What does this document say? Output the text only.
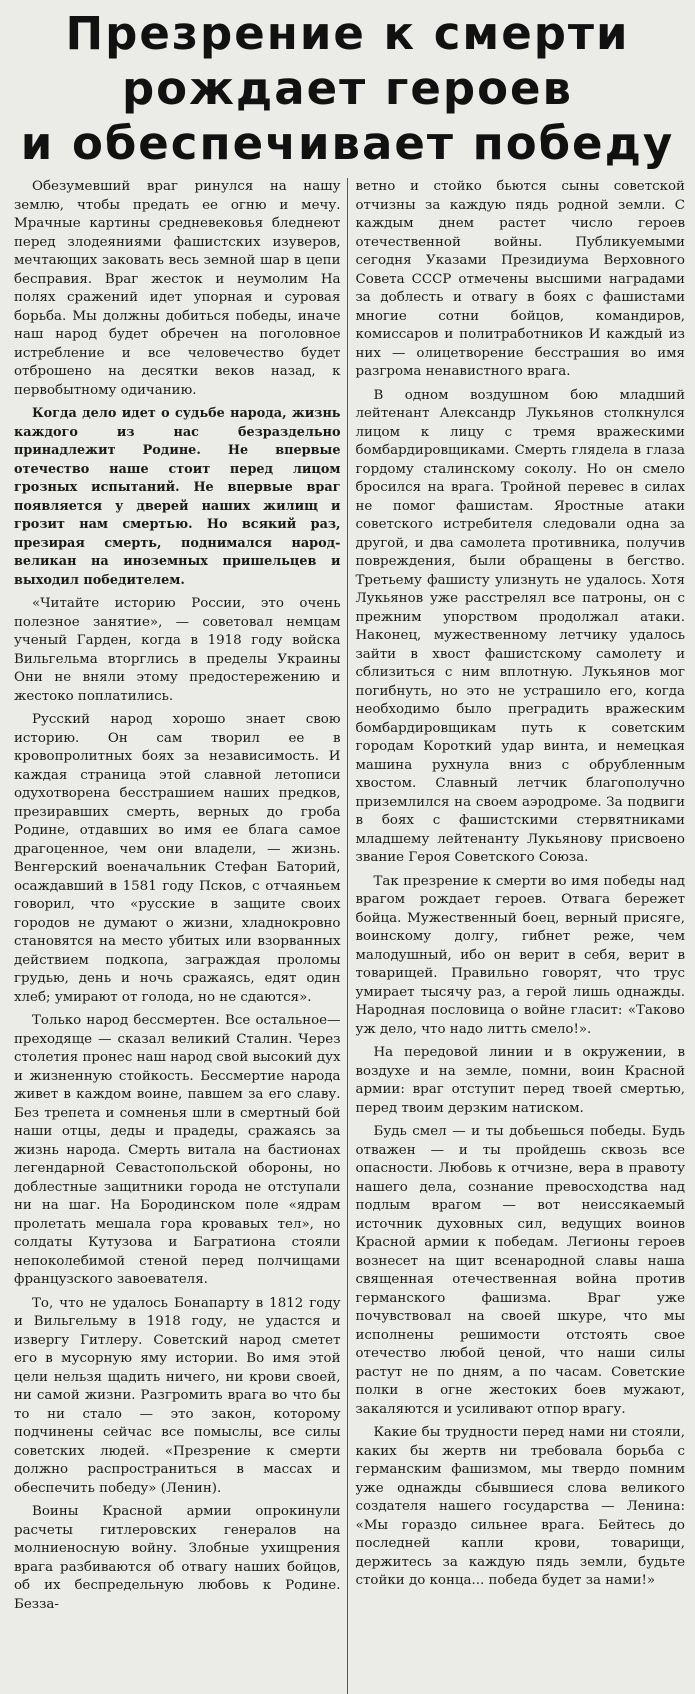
Презрение к смерти
рождает героев
и обеспечивает победу

Обезумевший враг ринулся на нашу землю, чтобы предать ее огню и мечу. Мрачные картины средневековья бледнеют перед злодеяниями фашистских изуверов, мечтающих заковать весь земной шар в цепи бесправия. Враг жесток и неумолим На полях сражений идет упорная и суровая борьба. Мы должны добиться победы, иначе наш народ будет обречен на поголовное истребление и все человечество будет отброшено на десятки веков назад, к первобытному одичанию.

Когда дело идет о судьбе народа, жизнь каждого из нас безраздельно принадлежит Родине. Не впервые отечество наше стоит перед лицом грозных испытаний. Не впервые враг появляется у дверей наших жилищ и грозит нам смертью. Но всякий раз, презирая смерть, поднимался народ-великан на иноземных пришельцев и выходил победителем.

«Читайте историю России, это очень полезное занятие», — советовал немцам ученый Гарден, когда в 1918 году войска Вильгельма вторглись в пределы Украины Они не вняли этому предостережению и жестоко поплатились.

Русский народ хорошо знает свою историю. Он сам творил ее в кровопролитных боях за независимость. И каждая страница этой славной летописи одухотворена бесстрашием наших предков, презиравших смерть, верных до гроба Родине, отдавших во имя ее блага самое драгоценное, чем они владели, — жизнь. Венгерский военачальник Стефан Баторий, осаждавший в 1581 году Псков, с отчаяньем говорил, что «русские в защите своих городов не думают о жизни, хладнокровно становятся на место убитых или взорванных действием подкопа, заграждая проломы грудью, день и ночь сражаясь, едят один хлеб; умирают от голода, но не сдаются».

Только народ бессмертен. Все остальное—преходяще — сказал великий Сталин. Через столетия пронес наш народ свой высокий дух и жизненную стойкость. Бессмертие народа живет в каждом воине, павшем за его славу. Без трепета и сомненья шли в смертный бой наши отцы, деды и прадеды, сражаясь за жизнь народа. Смерть витала на бастионах легендарной Севастопольской обороны, но доблестные защитники города не отступали ни на шаг. На Бородинском поле «ядрам пролетать мешала гора кровавых тел», но солдаты Кутузова и Багратиона стояли непоколебимой стеной перед полчищами французского завоевателя.

То, что не удалось Бонапарту в 1812 году и Вильгельму в 1918 году, не удастся и извергу Гитлеру. Советский народ сметет его в мусорную яму истории. Во имя этой цели нельзя щадить ничего, ни крови своей, ни самой жизни. Разгромить врага во что бы то ни стало — это закон, которому подчинены сейчас все помыслы, все силы советских людей. «Презрение к смерти должно распространиться в массах и обеспечить победу» (Ленин).

Воины Красной армии опрокинули расчеты гитлеровских генералов на молниеносную войну. Злобные ухищрения врага разбиваются об отвагу наших бойцов, об их беспредельную любовь к Родине. Безза-

ветно и стойко бьются сыны советской отчизны за каждую пядь родной земли. С каждым днем растет число героев отечественной войны. Публикуемыми сегодня Указами Президиума Верховного Совета СССР отмечены высшими наградами за доблесть и отвагу в боях с фашистами многие сотни бойцов, командиров, комиссаров и политработников И каждый из них — олицетворение бесстрашия во имя разгрома ненавистного врага.

В одном воздушном бою младший лейтенант Александр Лукьянов столкнулся лицом к лицу с тремя вражескими бомбардировщиками. Смерть глядела в глаза гордому сталинскому соколу. Но он смело бросился на врага. Тройной перевес в силах не помог фашистам. Яростные атаки советского истребителя следовали одна за другой, и два самолета противника, получив повреждения, были обращены в бегство. Третьему фашисту улизнуть не удалось. Хотя Лукьянов уже расстрелял все патроны, он с прежним упорством продолжал атаки. Наконец, мужественному летчику удалось зайти в хвост фашистскому самолету и сблизиться с ним вплотную. Лукьянов мог погибнуть, но это не устрашило его, когда необходимо было преградить вражеским бомбардировщикам путь к советским городам Короткий удар винта, и немецкая машина рухнула вниз с обрубленным хвостом. Славный летчик благополучно приземлился на своем аэродроме. За подвиги в боях с фашистскими стервятниками младшему лейтенанту Лукьянову присвоено звание Героя Советского Союза.

Так презрение к смерти во имя победы над врагом рождает героев. Отвага бережет бойца. Мужественный боец, верный присяге, воинскому долгу, гибнет реже, чем малодушный, ибо он верит в себя, верит в товарищей. Правильно говорят, что трус умирает тысячу раз, а герой лишь однажды. Народная пословица о войне гласит: «Таково уж дело, что надо литть смело!».

На передовой линии и в окружении, в воздухе и на земле, помни, воин Красной армии: враг отступит перед твоей смертью, перед твоим дерзким натиском.

Будь смел — и ты добьешься победы. Будь отважен — и ты пройдешь сквозь все опасности. Любовь к отчизне, вера в правоту нашего дела, сознание превосходства над подлым врагом — вот неиссякаемый источник духовных сил, ведущих воинов Красной армии к победам. Легионы героев вознесет на щит всенародной славы наша священная отечественная война против германского фашизма. Враг уже почувствовал на своей шкуре, что мы исполнены решимости отстоять свое отечество любой ценой, что наши силы растут не по дням, а по часам. Советские полки в огне жестоких боев мужают, закаляются и усиливают отпор врагу.

Какие бы трудности перед нами ни стояли, каких бы жертв ни требовала борьба с германским фашизмом, мы твердо помним уже однажды сбывшиеся слова великого создателя нашего государства — Ленина: «Мы гораздо сильнее врага. Бейтесь до последней капли крови, товарищи, держитесь за каждую пядь земли, будьте стойки до конца... победа будет за нами!»
